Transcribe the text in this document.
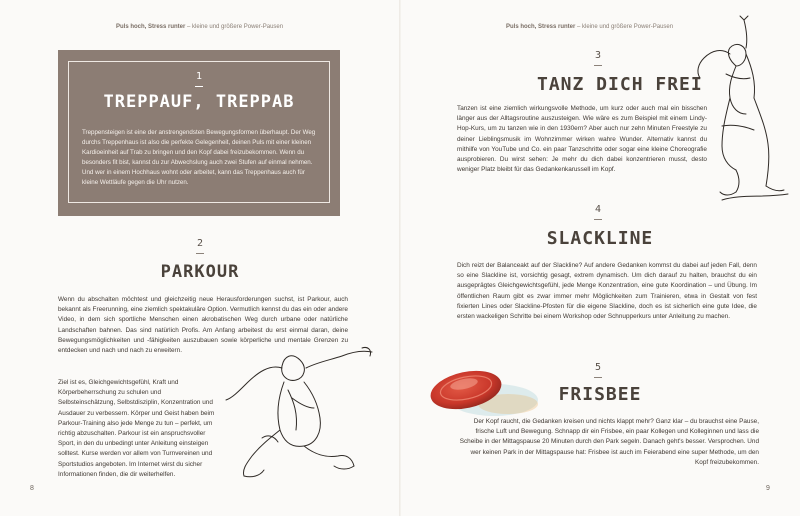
Puls hoch, Stress runter – kleine und größere Power-Pausen
1
TREPPAUF, TREPPAB
Treppensteigen ist eine der anstrengendsten Bewegungsformen überhaupt. Der Weg durchs Treppenhaus ist also die perfekte Gelegenheit, deinen Puls mit einer kleinen Kardioeinheit auf Trab zu bringen und den Kopf dabei freizubekommen. Wenn du besonders fit bist, kannst du zur Abwechslung auch zwei Stufen auf einmal nehmen. Und wer in einem Hochhaus wohnt oder arbeitet, kann das Treppenhaus auch für kleine Wettläufe gegen die Uhr nutzen.
2
PARKOUR
Wenn du abschalten möchtest und gleichzeitig neue Herausforderungen suchst, ist Parkour, auch bekannt als Freerunning, eine ziemlich spektakuläre Option. Vermutlich kennst du das ein oder andere Video, in dem sich sportliche Menschen einen akrobatischen Weg durch urbane oder natürliche Landschaften bahnen. Das sind natürlich Profis. Am Anfang arbeitest du erst einmal daran, deine Bewegungsmöglichkeiten und -fähigkeiten auszubauen sowie körperliche und mentale Grenzen zu entdecken und nach und nach zu erweitern.
Ziel ist es, Gleichgewichtsgefühl, Kraft und Körperbeherrschung zu schulen und Selbsteinschätzung, Selbstdisziplin, Konzentration und Ausdauer zu verbessern. Körper und Geist haben beim Parkour-Training also jede Menge zu tun – perfekt, um richtig abzuschalten. Parkour ist ein anspruchsvoller Sport, in den du unbedingt unter Anleitung einsteigen solltest. Kurse werden vor allem von Turnvereinen und Sportstudios angeboten. Im Internet wirst du sicher Informationen finden, die dir weiterhelfen.
8
Puls hoch, Stress runter – kleine und größere Power-Pausen
3
TANZ DICH FREI
Tanzen ist eine ziemlich wirkungsvolle Methode, um kurz oder auch mal ein bisschen länger aus der Alltagsroutine auszusteigen. Wie wäre es zum Beispiel mit einem Lindy-Hop-Kurs, um zu tanzen wie in den 1930ern? Aber auch nur zehn Minuten Freestyle zu deiner Lieblingsmusik im Wohnzimmer wirken wahre Wunder. Alternativ kannst du mithilfe von YouTube und Co. ein paar Tanzschritte oder sogar eine kleine Choreografie ausprobieren. Du wirst sehen: Je mehr du dich dabei konzentrieren musst, desto weniger Platz bleibt für das Gedankenkarussell im Kopf.
4
SLACKLINE
Dich reizt der Balanceakt auf der Slackline? Auf andere Gedanken kommst du dabei auf jeden Fall, denn so eine Slackline ist, vorsichtig gesagt, extrem dynamisch. Um dich darauf zu halten, brauchst du ein ausgeprägtes Gleichgewichtsgefühl, jede Menge Konzentration, eine gute Koordination – und Übung. Im öffentlichen Raum gibt es zwar immer mehr Möglichkeiten zum Trainieren, etwa in Gestalt von fest fixierten Lines oder Slackline-Pfosten für die eigene Slackline, doch es ist sicherlich eine gute Idee, die ersten wackeligen Schritte bei einem Workshop oder Schnupperkurs unter Anleitung zu machen.
5
FRISBEE
Der Kopf raucht, die Gedanken kreisen und nichts klappt mehr? Ganz klar – du brauchst eine Pause, frische Luft und Bewegung. Schnapp dir ein Frisbee, ein paar Kollegen und Kolleginnen und lass die Scheibe in der Mittagspause 20 Minuten durch den Park segeln. Danach geht's besser. Versprochen. Und wer keinen Park in der Mittagspause hat: Frisbee ist auch im Feierabend eine super Methode, um den Kopf freizubekommen.
9
